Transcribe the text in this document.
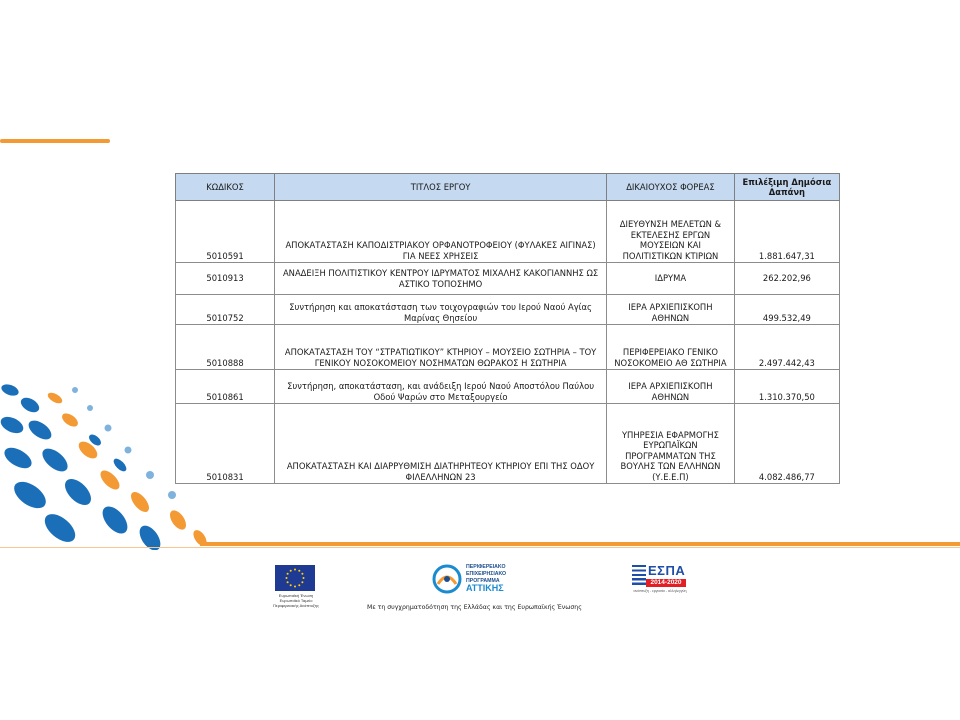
ΚΩΔΙΚΟΣ	ΤΙΤΛΟΣ ΕΡΓΟΥ	ΔΙΚΑΙΟΥΧΟΣ ΦΟΡΕΑΣ	Επιλέξιμη Δημόσια Δαπάνη
5010591	ΑΠΟΚΑΤΑΣΤΑΣΗ ΚΑΠΟΔΙΣΤΡΙΑΚΟΥ ΟΡΦΑΝΟΤΡΟΦΕΙΟΥ (ΦΥΛΑΚΕΣ ΑΙΓΙΝΑΣ) ΓΙΑ ΝΕΕΣ ΧΡΗΣΕΙΣ	ΔΙΕΥΘΥΝΣΗ ΜΕΛΕΤΩΝ & ΕΚΤΕΛΕΣΗΣ ΕΡΓΩΝ ΜΟΥΣΕΙΩΝ ΚΑΙ ΠΟΛΙΤΙΣΤΙΚΩΝ ΚΤΙΡΙΩΝ	1.881.647,31
5010913	ΑΝΑΔΕΙΞΗ ΠΟΛΙΤΙΣΤΙΚΟΥ ΚΕΝΤΡΟΥ ΙΔΡΥΜΑΤΟΣ ΜΙΧΑΛΗΣ ΚΑΚΟΓΙΑΝΝΗΣ ΩΣ ΑΣΤΙΚΟ ΤΟΠΟΣΗΜΟ	ΙΔΡΥΜΑ	262.202,96
5010752	Συντήρηση και αποκατάσταση των τοιχογραφιών του Ιερού Ναού Αγίας Μαρίνας Θησείου	ΙΕΡΑ ΑΡΧΙΕΠΙΣΚΟΠΗ ΑΘΗΝΩΝ	499.532,49
5010888	ΑΠΟΚΑΤΑΣΤΑΣΗ ΤΟΥ “ΣΤΡΑΤΙΩΤΙΚΟΥ” ΚΤΗΡΙΟΥ – ΜΟΥΣΕΙΟ ΣΩΤΗΡΙΑ – ΤΟΥ ΓΕΝΙΚΟΥ ΝΟΣΟΚΟΜΕΙΟΥ ΝΟΣΗΜΑΤΩΝ ΘΩΡΑΚΟΣ Η ΣΩΤΗΡΙΑ	ΠΕΡΙΦΕΡΕΙΑΚΟ ΓΕΝΙΚΟ ΝΟΣΟΚΟΜΕΙΟ ΑΘ ΣΩΤΗΡΙΑ	2.497.442,43
5010861	Συντήρηση, αποκατάσταση, και ανάδειξη Ιερού Ναού Αποστόλου Παύλου Οδού Ψαρών στο Μεταξουργείο	ΙΕΡΑ ΑΡΧΙΕΠΙΣΚΟΠΗ ΑΘΗΝΩΝ	1.310.370,50
5010831	ΑΠΟΚΑΤΑΣΤΑΣΗ ΚΑΙ ΔΙΑΡΡΥΘΜΙΣΗ ΔΙΑΤΗΡΗΤΕΟΥ ΚΤΗΡΙΟΥ ΕΠΙ ΤΗΣ ΟΔΟΥ ΦΙΛΕΛΛΗΝΩΝ 23	ΥΠΗΡΕΣΙΑ ΕΦΑΡΜΟΓΗΣ ΕΥΡΩΠΑΪΚΩΝ ΠΡΟΓΡΑΜΜΑΤΩΝ ΤΗΣ ΒΟΥΛΗΣ ΤΩΝ ΕΛΛΗΝΩΝ (Υ.Ε.Ε.Π)	4.082.486,77
Ευρωπαϊκή Ένωση Ευρωπαϊκό Ταμείο Περιφερειακής Ανάπτυξης
ΠΕΡΙΦΕΡΕΙΑΚΟ
ΕΠΙΧΕΙΡΗΣΙΑΚΟ
ΠΡΟΓΡΑΜΜΑ
ΑΤΤΙΚΗΣ
ΕΣΠΑ
2014-2020
ανάπτυξη - εργασία - αλληλεγγύη
Με τη συγχρηματοδότηση της Ελλάδας και της Ευρωπαϊκής Ένωσης
